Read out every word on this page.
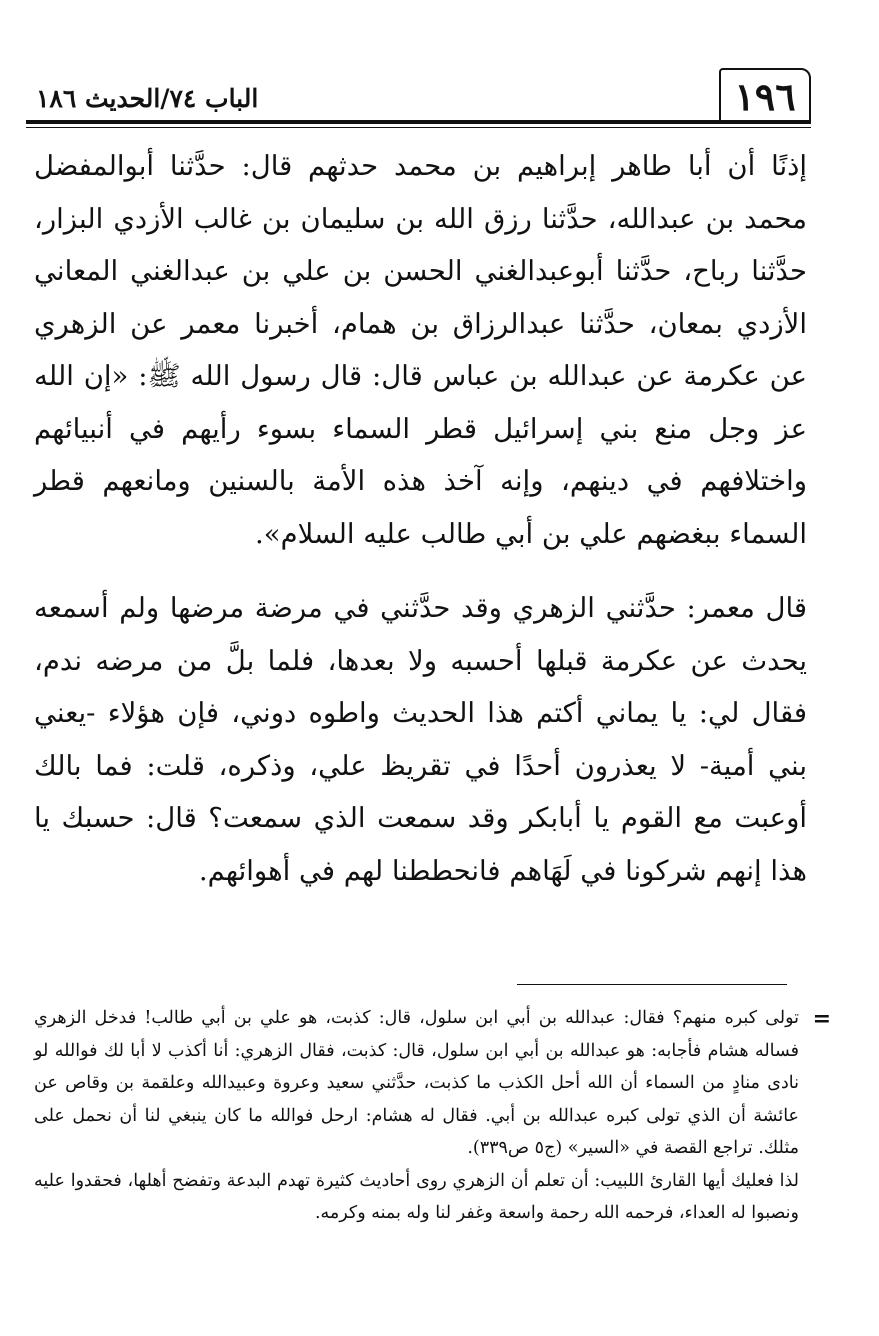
١٩٦
الباب ٧٤/الحديث ١٨٦

إذنًا أن أبا طاهر إبراهيم بن محمد حدثهم قال: حدَّثنا أبوالمفضل محمد بن عبدالله، حدَّثنا رزق الله بن سليمان بن غالب الأزدي البزار، حدَّثنا رباح، حدَّثنا أبوعبدالغني الحسن بن علي بن عبدالغني المعاني الأزدي بمعان، حدَّثنا عبدالرزاق بن همام، أخبرنا معمر عن الزهري عن عكرمة عن عبدالله بن عباس قال: قال رسول الله ﷺ: «إن الله عز وجل منع بني إسرائيل قطر السماء بسوء رأيهم في أنبيائهم واختلافهم في دينهم، وإنه آخذ هذه الأمة بالسنين ومانعهم قطر السماء ببغضهم علي بن أبي طالب عليه السلام».

قال معمر: حدَّثني الزهري وقد حدَّثني في مرضة مرضها ولم أسمعه يحدث عن عكرمة قبلها أحسبه ولا بعدها، فلما بلَّ من مرضه ندم، فقال لي: يا يماني أكتم هذا الحديث واطوه دوني، فإن هؤلاء -يعني بني أمية- لا يعذرون أحدًا في تقريظ علي، وذكره، قلت: فما بالك أوعبت مع القوم يا أبابكر وقد سمعت الذي سمعت؟ قال: حسبك يا هذا إنهم شركونا في لَهَاهم فانحططنا لهم في أهوائهم.

=

تولى كبره منهم؟ فقال: عبدالله بن أبي ابن سلول، قال: كذبت، هو علي بن أبي طالب! فدخل الزهري فساله هشام فأجابه: هو عبدالله بن أبي ابن سلول، قال: كذبت، فقال الزهري: أنا أكذب لا أبا لك فوالله لو نادى منادٍ من السماء أن الله أحل الكذب ما كذبت، حدَّثني سعيد وعروة وعبيدالله وعلقمة بن وقاص عن عائشة أن الذي تولى كبره عبدالله بن أبي. فقال له هشام: ارحل فوالله ما كان ينبغي لنا أن نحمل على مثلك. تراجع القصة في «السير» (ج٥ ص٣٣٩).

لذا فعليك أيها القارئ اللبيب: أن تعلم أن الزهري روى أحاديث كثيرة تهدم البدعة وتفضح أهلها، فحقدوا عليه ونصبوا له العداء، فرحمه الله رحمة واسعة وغفر لنا وله بمنه وكرمه.
